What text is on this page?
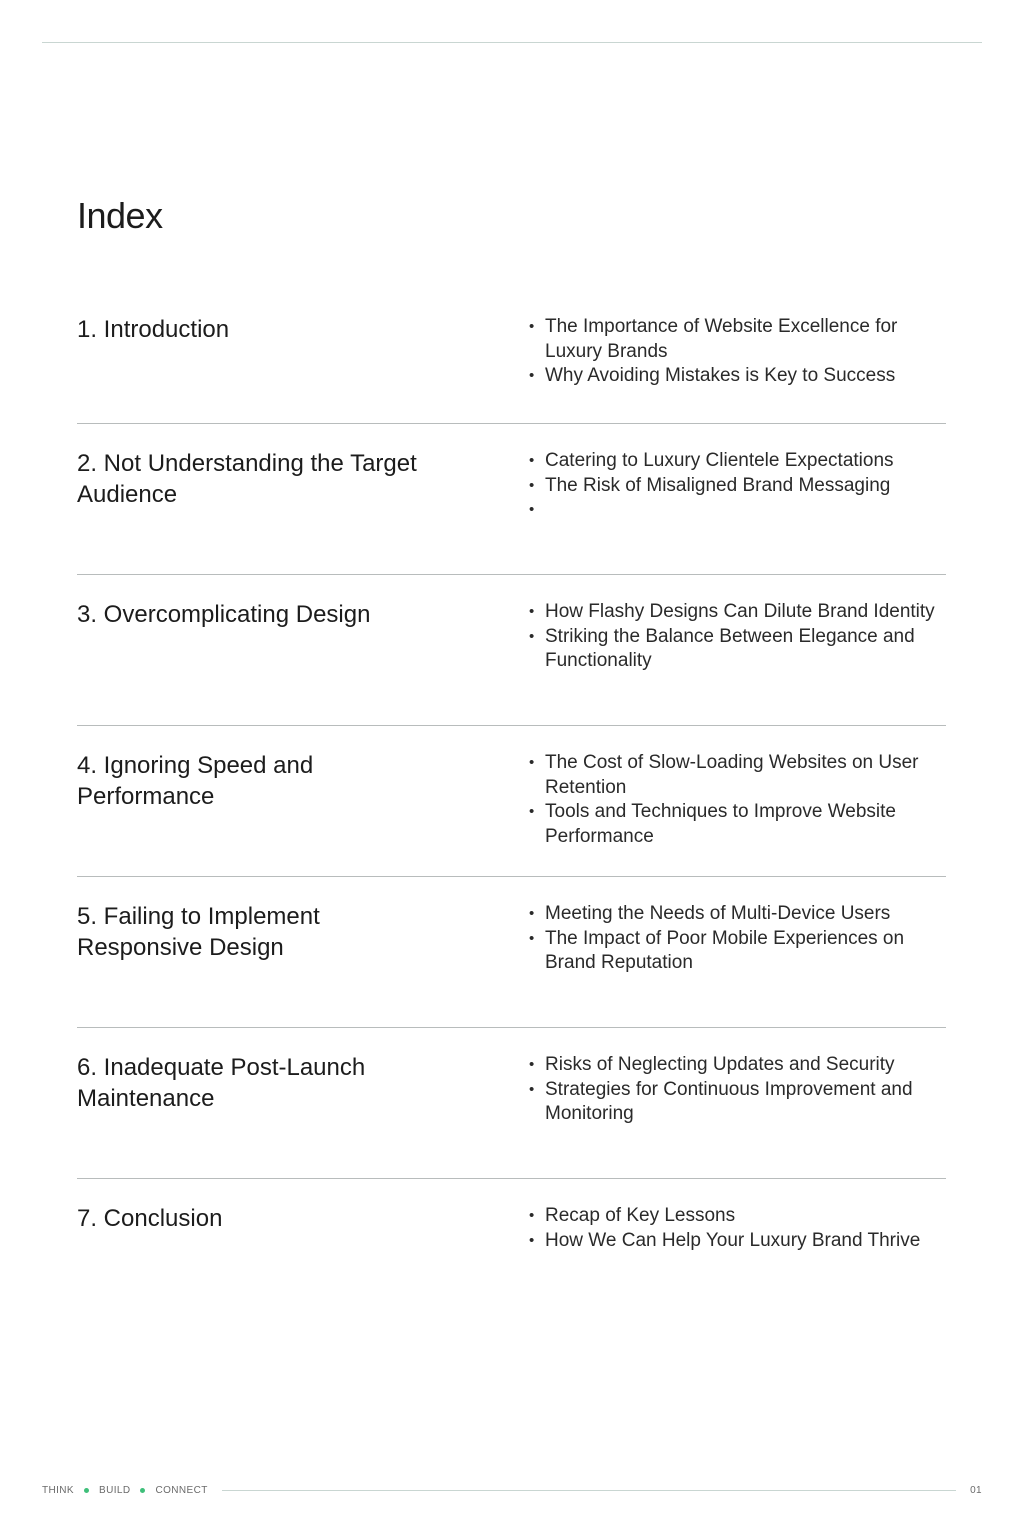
Index
1. Introduction	• The Importance of Website Excellence for Luxury Brands
• Why Avoiding Mistakes is Key to Success
2. Not Understanding the Target Audience
• Catering to Luxury Clientele Expectations
• The Risk of Misaligned Brand Messaging
•
3. Overcomplicating Design	• How Flashy Designs Can Dilute Brand Identity
• Striking the Balance Between Elegance and Functionality
4. Ignoring Speed and Performance
• The Cost of Slow-Loading Websites on User Retention
• Tools and Techniques to Improve Website Performance
5. Failing to Implement Responsive Design
• Meeting the Needs of Multi-Device Users
• The Impact of Poor Mobile Experiences on Brand Reputation
6. Inadequate Post-Launch Maintenance
• Risks of Neglecting Updates and Security
• Strategies for Continuous Improvement and Monitoring
7. Conclusion	• Recap of Key Lessons
• How We Can Help Your Luxury Brand Thrive
THINK	BUILD	CONNECT	01
